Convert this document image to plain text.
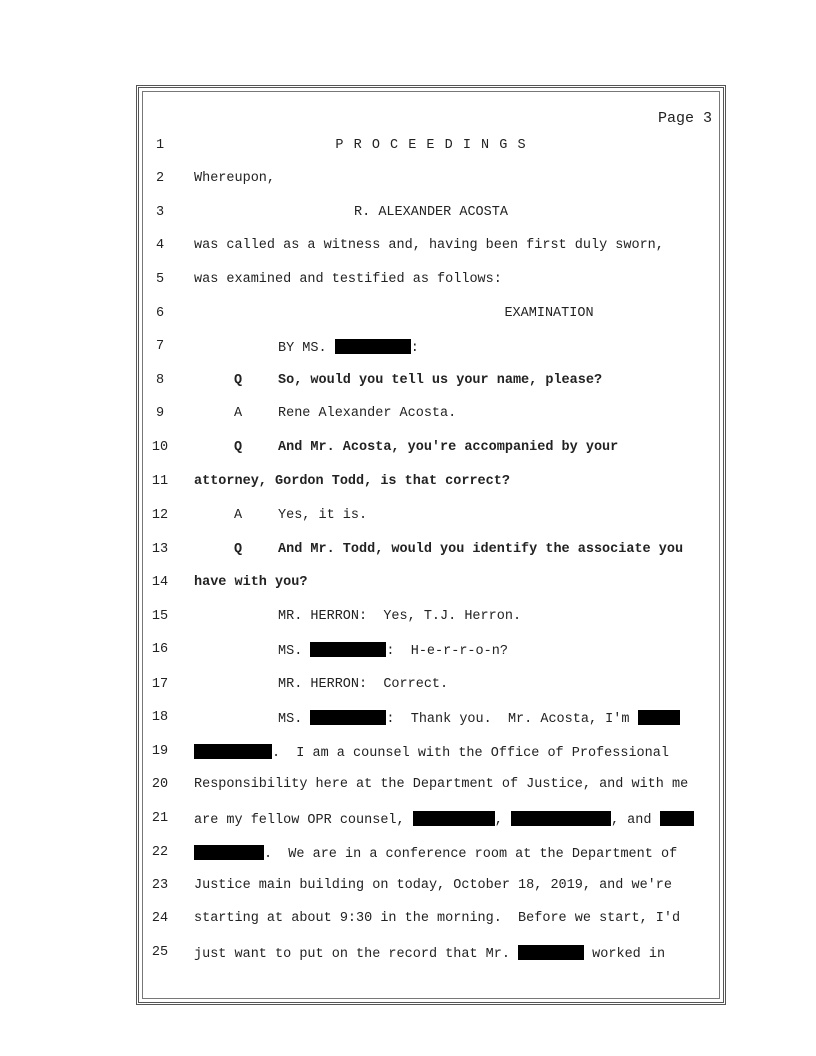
Page 3
1	P R O C E E D I N G S
2	Whereupon,
3	R. ALEXANDER ACOSTA
4	was called as a witness and, having been first duly sworn,
5	was examined and testified as follows:
6	EXAMINATION
7	BY MS.	:
8	Q	So, would you tell us your name, please?
9	A	Rene Alexander Acosta.
10	Q	And Mr. Acosta, you're accompanied by your
11 attorney, Gordon Todd, is that correct?
12	A	Yes, it is.
13	Q	And Mr. Todd, would you identify the associate you
14 have with you?
15	MR. HERRON:  Yes, T.J. Herron.
16	MS.	:  H-e-r-r-o-n?
17	MR. HERRON:  Correct.
18	MS.	:  Thank you.  Mr. Acosta, I'm
19	.  I am a counsel with the Office of Professional
20 Responsibility here at the Department of Justice, and with me
21 are my fellow OPR counsel,	,	, and
22	.  We are in a conference room at the Department of
23 Justice main building on today, October 18, 2019, and we're
24 starting at about 9:30 in the morning.  Before we start, I'd
25 just want to put on the record that Mr.	worked in
